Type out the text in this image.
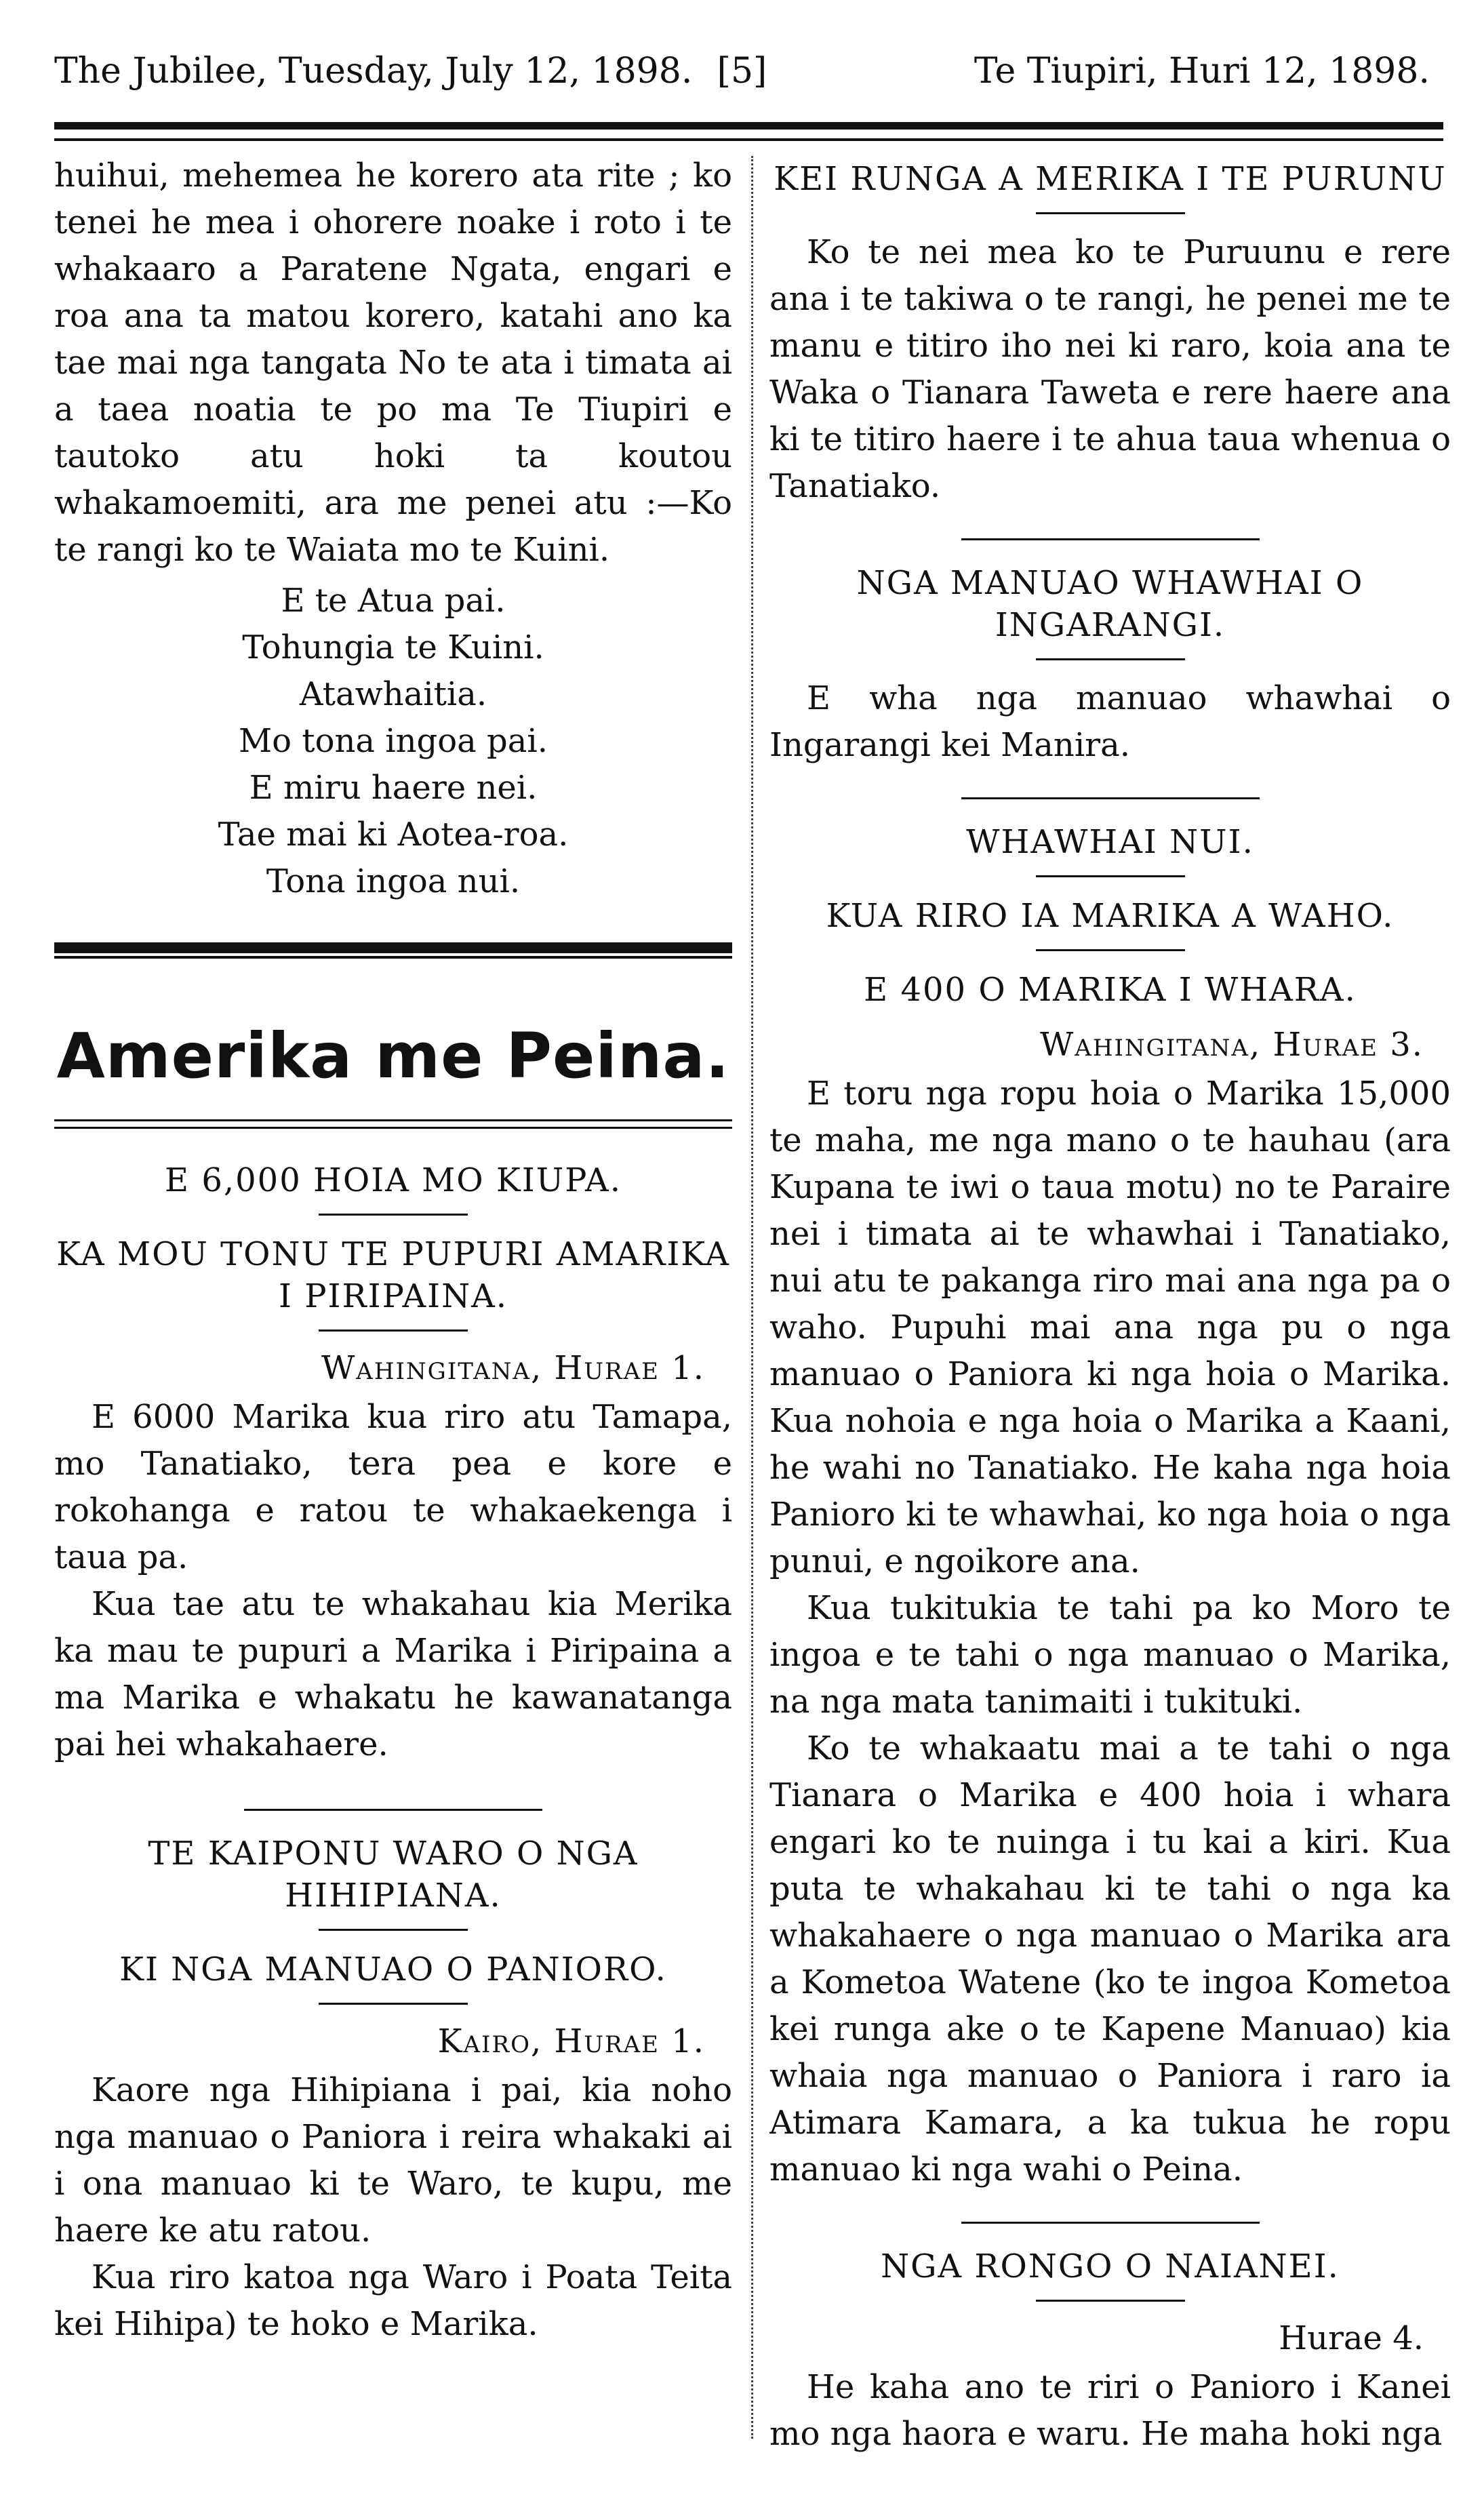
The Jubilee, Tuesday, July 12, 1898. [5]	Te Tiupiri, Huri 12, 1898.

huihui, mehemea he korero ata rite ; ko tenei he mea i ohorere noake i roto i te whakaaro a Paratene Ngata, engari e roa ana ta matou korero, katahi ano ka tae mai nga tangata No te ata i timata ai a taea noatia te po ma Te Tiupiri e tautoko atu hoki ta koutou whakamoemiti, ara me penei atu :—Ko te rangi ko te Waiata mo te Kuini.

E te Atua pai.
Tohungia te Kuini.
Atawhaitia.
Mo tona ingoa pai.
E miru haere nei.
Tae mai ki Aotea-roa.
Tona ingoa nui.
Amerika me Peina.
E 6,000 HOIA MO KIUPA.
KA MOU TONU TE PUPURI AMARIKA I PIRIPAINA.
Wahingitana, Hurae 1.

E 6000 Marika kua riro atu Tamapa, mo Tanatiako, tera pea e kore e rokohanga e ratou te whakaekenga i taua pa.

Kua tae atu te whakahau kia Merika ka mau te pupuri a Marika i Piripaina a ma Marika e whakatu he kawanatanga pai hei whakahaere.

TE KAIPONU WARO O NGA HIHIPIANA.
KI NGA MANUAO O PANIORO.
Kairo, Hurae 1.

Kaore nga Hihipiana i pai, kia noho nga manuao o Paniora i reira whakaki ai i ona manuao ki te Waro, te kupu, me haere ke atu ratou.

Kua riro katoa nga Waro i Poata Teita kei Hihipa) te hoko e Marika.

KEI RUNGA A MERIKA I TE PURUNU

Ko te nei mea ko te Puruunu e rere ana i te takiwa o te rangi, he penei me te manu e titiro iho nei ki raro, koia ana te Waka o Tianara Taweta e rere haere ana ki te titiro haere i te ahua taua whenua o Tanatiako.

NGA MANUAO WHAWHAI O INGARANGI.

E wha nga manuao whawhai o Ingarangi kei Manira.

WHAWHAI NUI.
KUA RIRO IA MARIKA A WAHO.
E 400 O MARIKA I WHARA.
Wahingitana, Hurae 3.

E toru nga ropu hoia o Marika 15,000 te maha, me nga mano o te hauhau (ara Kupana te iwi o taua motu) no te Paraire nei i timata ai te whawhai i Tanatiako, nui atu te pakanga riro mai ana nga pa o waho. Pupuhi mai ana nga pu o nga manuao o Paniora ki nga hoia o Marika. Kua nohoia e nga hoia o Marika a Kaani, he wahi no Tanatiako. He kaha nga hoia Panioro ki te whawhai, ko nga hoia o nga punui, e ngoikore ana.

Kua tukitukia te tahi pa ko Moro te ingoa e te tahi o nga manuao o Marika, na nga mata tanimaiti i tukituki.

Ko te whakaatu mai a te tahi o nga Tianara o Marika e 400 hoia i whara engari ko te nuinga i tu kai a kiri. Kua puta te whakahau ki te tahi o nga ka whakahaere o nga manuao o Marika ara a Kometoa Watene (ko te ingoa Kometoa kei runga ake o te Kapene Manuao) kia whaia nga manuao o Paniora i raro ia Atimara Kamara, a ka tukua he ropu manuao ki nga wahi o Peina.

NGA RONGO O NAIANEI.
Hurae 4.

He kaha ano te riri o Panioro i Kanei mo nga haora e waru. He maha hoki nga
